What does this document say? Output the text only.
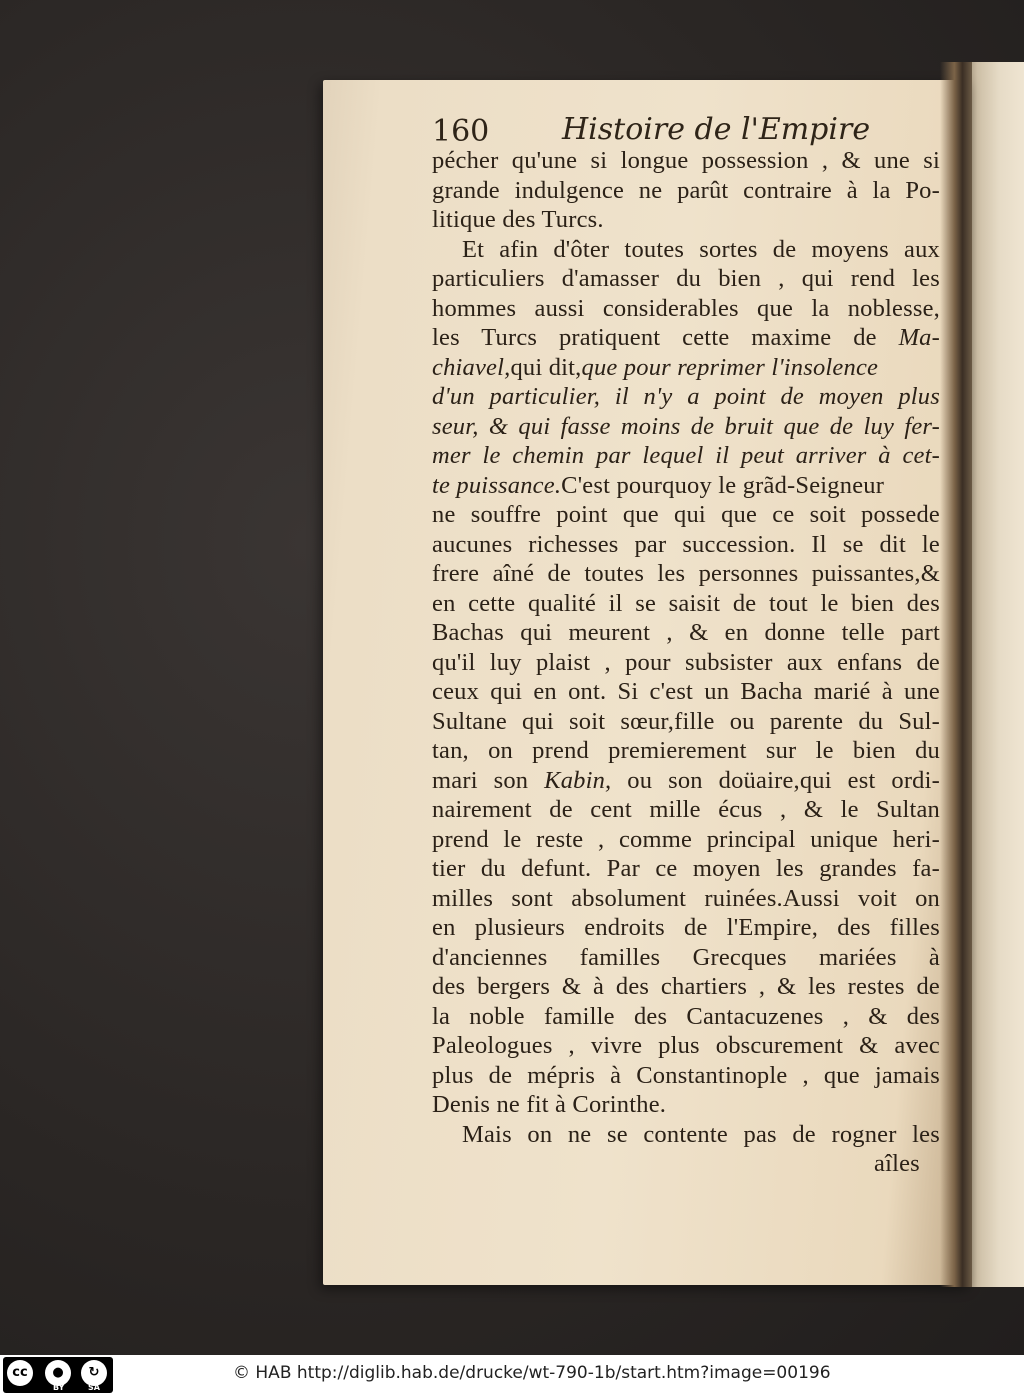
160 Histoire de l'Empire
pécher qu'une si longue possession , & une si
grande indulgence ne parût contraire à la Po-
litique des Turcs.
Et afin d'ôter toutes sortes de moyens aux
particuliers d'amasser du bien , qui rend les
hommes aussi considerables que la noblesse,
les Turcs pratiquent cette maxime de Ma-
chiavel,qui dit,que pour reprimer l'insolence
d'un particulier, il n'y a point de moyen plus
seur, & qui fasse moins de bruit que de luy fer-
mer le chemin par lequel il peut arriver à cet-
te puissance.C'est pourquoy le grãd-Seigneur
ne souffre point que qui que ce soit possede
aucunes richesses par succession. Il se dit le
frere aîné de toutes les personnes puissantes,&
en cette qualité il se saisit de tout le bien des
Bachas qui meurent , & en donne telle part
qu'il luy plaist , pour subsister aux enfans de
ceux qui en ont. Si c'est un Bacha marié à une
Sultane qui soit sœur,fille ou parente du Sul-
tan, on prend premierement sur le bien du
mari son Kabin, ou son doüaire,qui est ordi-
nairement de cent mille écus , & le Sultan
prend le reste , comme principal unique heri-
tier du defunt. Par ce moyen les grandes fa-
milles sont absolument ruinées.Aussi voit on
en plusieurs endroits de l'Empire, des filles
d'anciennes familles Grecques mariées à
des bergers & à des chartiers , & les restes de
la noble famille des Cantacuzenes , & des
Paleologues , vivre plus obscurement & avec
plus de mépris à Constantinople , que jamais
Denis ne fit à Corinthe.
Mais on ne se contente pas de rogner les
aîles
cc	●	↻
BY	SA
© HAB http://diglib.hab.de/drucke/wt-790-1b/start.htm?image=00196
